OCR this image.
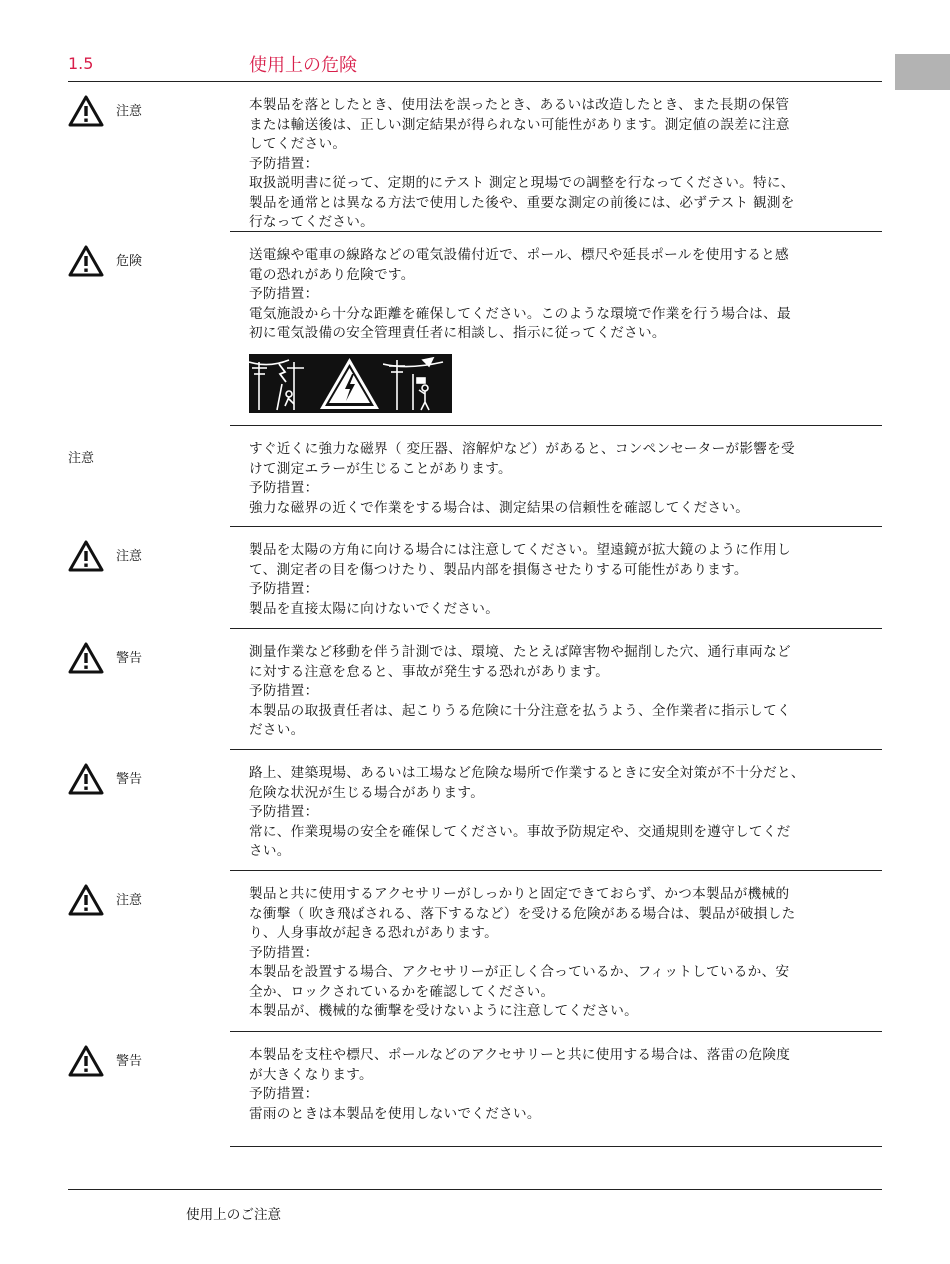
1.5	使用上の危険
注意	本製品を落としたとき、使用法を誤ったとき、あるいは改造したとき、また長期の保管

または輸送後は、正しい測定結果が得られない可能性があります。測定値の誤差に注意

してください。

予防措置：

取扱説明書に従って、定期的にテスト 測定と現場での調整を行なってください。特に、

製品を通常とは異なる方法で使用した後や、重要な測定の前後には、必ずテスト 観測を

行なってください。

危険	送電線や電車の線路などの電気設備付近で、ポール、標尺や延長ポールを使用すると感

電の恐れがあり危険です。

予防措置：

電気施設から十分な距離を確保してください。このような環境で作業を行う場合は、最

初に電気設備の安全管理責任者に相談し、指示に従ってください。

注意

すぐ近くに強力な磁界（ 変圧器、溶解炉など）があると、コンペンセーターが影響を受

けて測定エラーが生じることがあります。

予防措置：

強力な磁界の近くで作業をする場合は、測定結果の信頼性を確認してください。

注意	製品を太陽の方角に向ける場合には注意してください。望遠鏡が拡大鏡のように作用し

て、測定者の目を傷つけたり、製品内部を損傷させたりする可能性があります。

予防措置：

製品を直接太陽に向けないでください。

警告	測量作業など移動を伴う計測では、環境、たとえば障害物や掘削した穴、通行車両など

に対する注意を怠ると、事故が発生する恐れがあります。

予防措置：

本製品の取扱責任者は、起こりうる危険に十分注意を払うよう、全作業者に指示してく

ださい。

警告	路上、建築現場、あるいは工場など危険な場所で作業するときに安全対策が不十分だと、

危険な状況が生じる場合があります。

予防措置：

常に、作業現場の安全を確保してください。事故予防規定や、交通規則を遵守してくだ

さい。

注意	製品と共に使用するアクセサリーがしっかりと固定できておらず、かつ本製品が機械的

な衝撃（ 吹き飛ばされる、落下するなど）を受ける危険がある場合は、製品が破損した

り、人身事故が起きる恐れがあります。

予防措置：

本製品を設置する場合、アクセサリーが正しく合っているか、フィットしているか、安

全か、ロックされているかを確認してください。

本製品が、機械的な衝撃を受けないように注意してください。

警告	本製品を支柱や標尺、ポールなどのアクセサリーと共に使用する場合は、落雷の危険度

が大きくなります。

予防措置：

雷雨のときは本製品を使用しないでください。

使用上のご注意
